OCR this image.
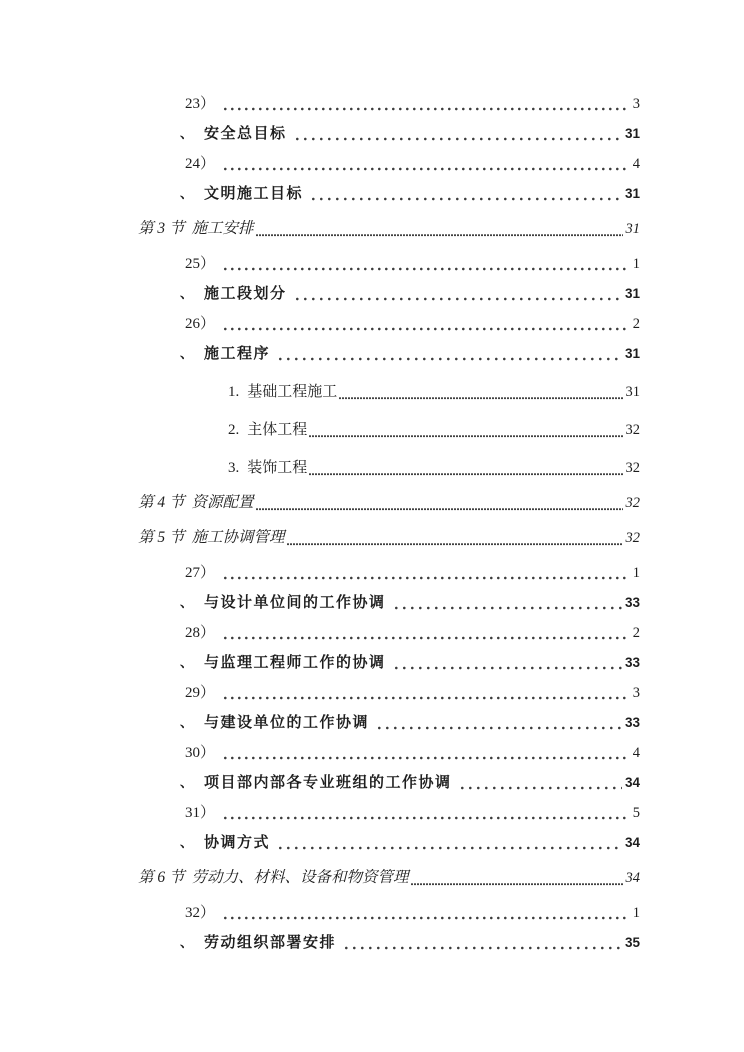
23）	3
、 安全总目标	31
24）	4
、 文明施工目标	31
第 3 节 施工安排	31
25）	1
、 施工段划分	31
26）	2
、 施工程序	31
1. 基础工程施工	31
2. 主体工程	32
3. 装饰工程	32
第 4 节 资源配置	32
第 5 节 施工协调管理	32
27）	1
、 与设计单位间的工作协调	33
28）	2
、 与监理工程师工作的协调	33
29）	3
、 与建设单位的工作协调	33
30）	4
、 项目部内部各专业班组的工作协调	34
31）	5
、 协调方式	34
第 6 节 劳动力、材料、设备和物资管理	34
32）	1
、 劳动组织部署安排	35
